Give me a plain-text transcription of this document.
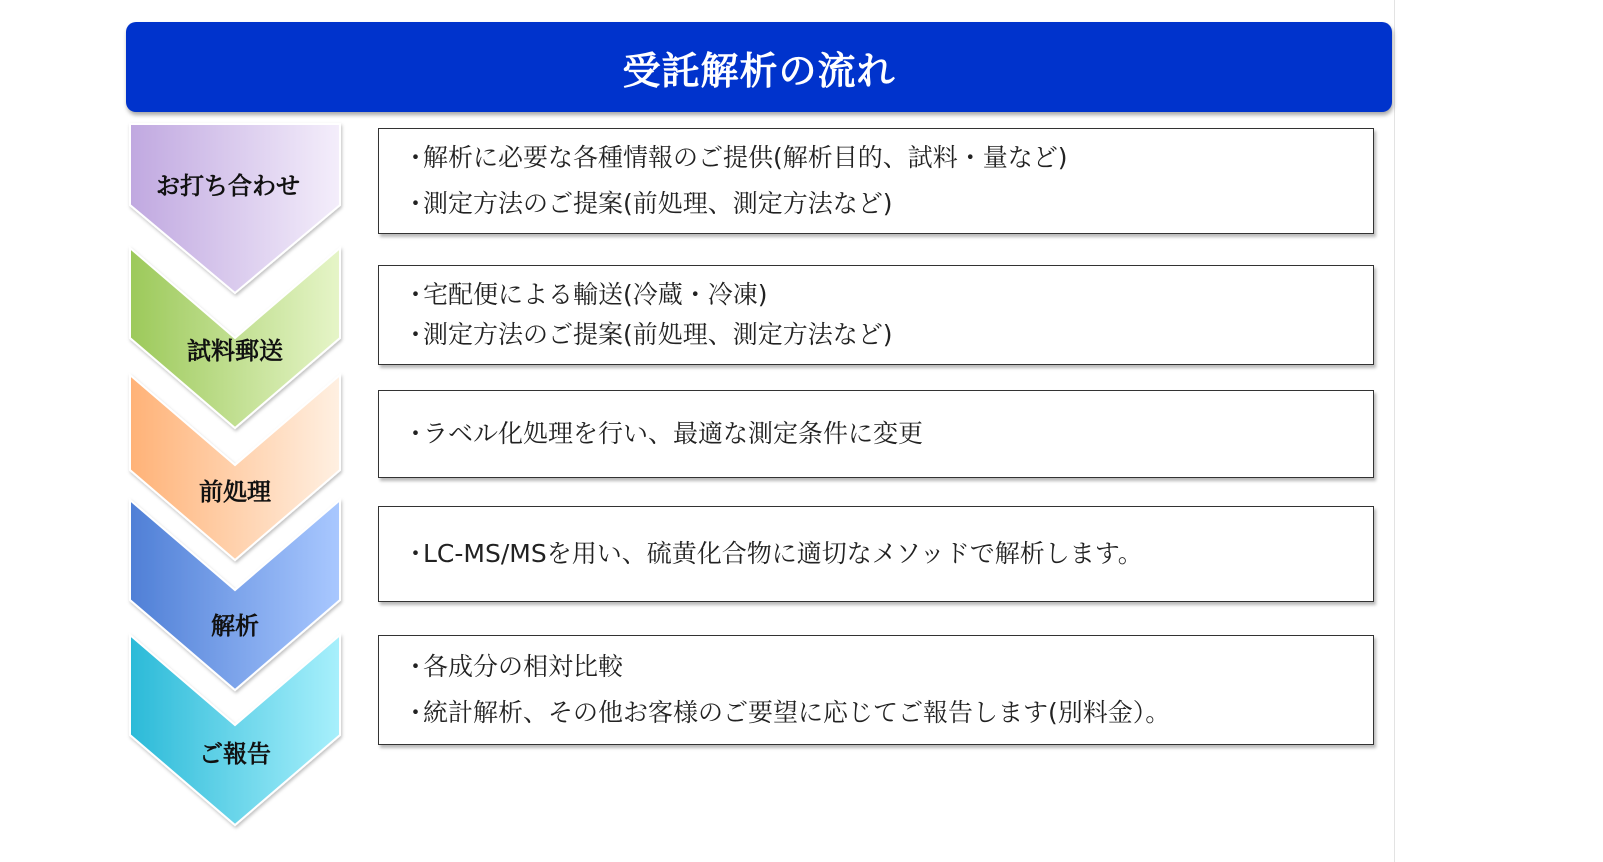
受託解析の流れ
ご報告
解析
前処理
試料郵送
お打ち合わせ
・解析に必要な各種情報のご提供(解析目的、試料・量など)
・測定方法のご提案(前処理、測定方法など)
・宅配便による輸送(冷蔵・冷凍)
・測定方法のご提案(前処理、測定方法など)
・ラベル化処理を行い、最適な測定条件に変更
・LC-MS/MSを用い、硫黄化合物に適切なメソッドで解析します。
・各成分の相対比較
・統計解析、その他お客様のご要望に応じてご報告します(別料金）。
